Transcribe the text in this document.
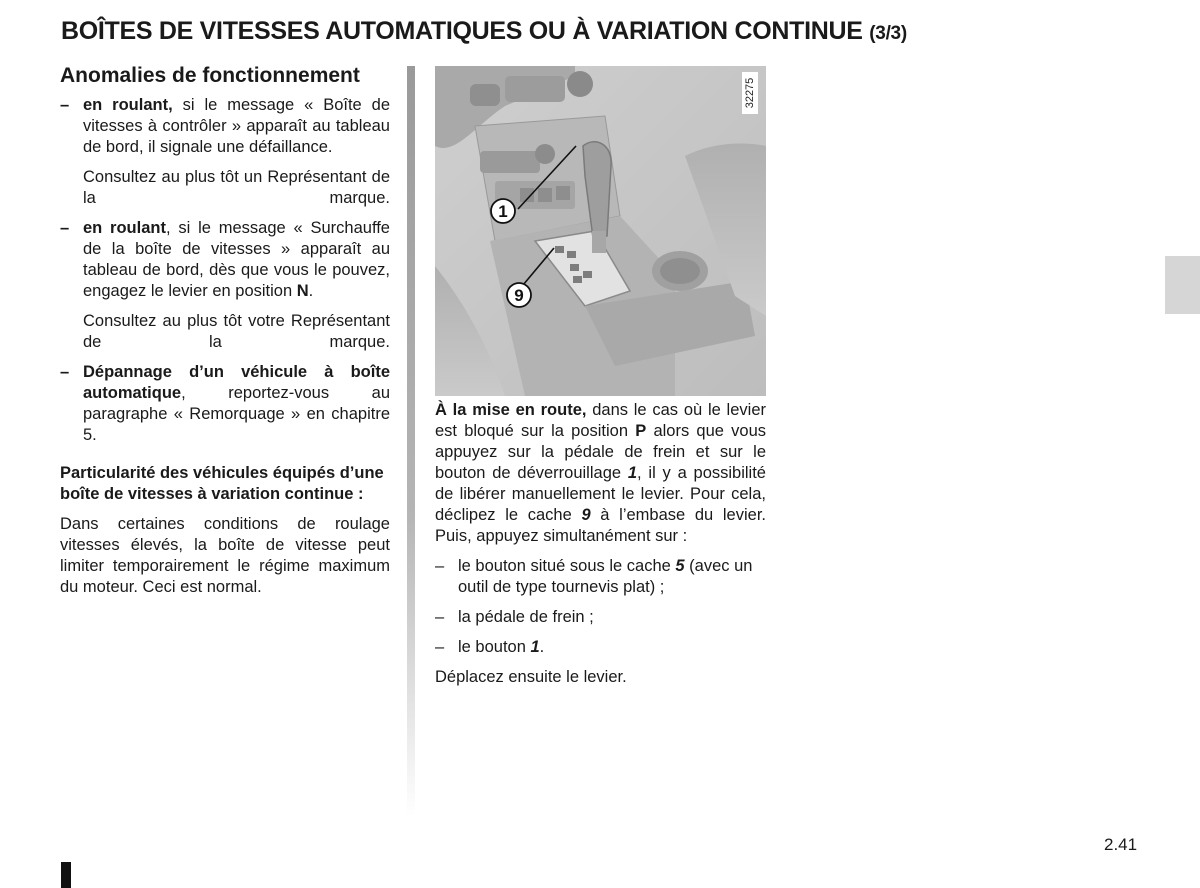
BOÎTES DE VITESSES AUTOMATIQUES OU À VARIATION CONTINUE (3/3)
Anomalies de fonctionnement
– en roulant, si le message « Boîte de vitesses à contrôler » apparaît au tableau de bord, il signale une défaillance.
Consultez au plus tôt un Représentant de la marque.
– en roulant, si le message « Surchauffe de la boîte de vitesses » apparaît au tableau de bord, dès que vous le pouvez, engagez le levier en position N.
Consultez au plus tôt votre Représentant de la marque.
– Dépannage d’un véhicule à boîte automatique, reportez-vous au paragraphe « Remorquage » en chapitre 5.
Particularité des véhicules équipés d’une boîte de vitesses à variation continue :
Dans certaines conditions de roulage vitesses élevés, la boîte de vitesse peut limiter temporairement le régime maximum du moteur. Ceci est normal.
1
9
32275
À la mise en route, dans le cas où le levier est bloqué sur la position P alors que vous appuyez sur la pédale de frein et sur le bouton de déverrouillage 1, il y a possibilité de libérer manuellement le levier. Pour cela, déclipez le cache 9 à l’embase du levier. Puis, appuyez simultanément sur :
– le bouton situé sous le cache 5 (avec un outil de type tournevis plat) ;
– la pédale de frein ;
– le bouton 1.
Déplacez ensuite le levier.
2.41
